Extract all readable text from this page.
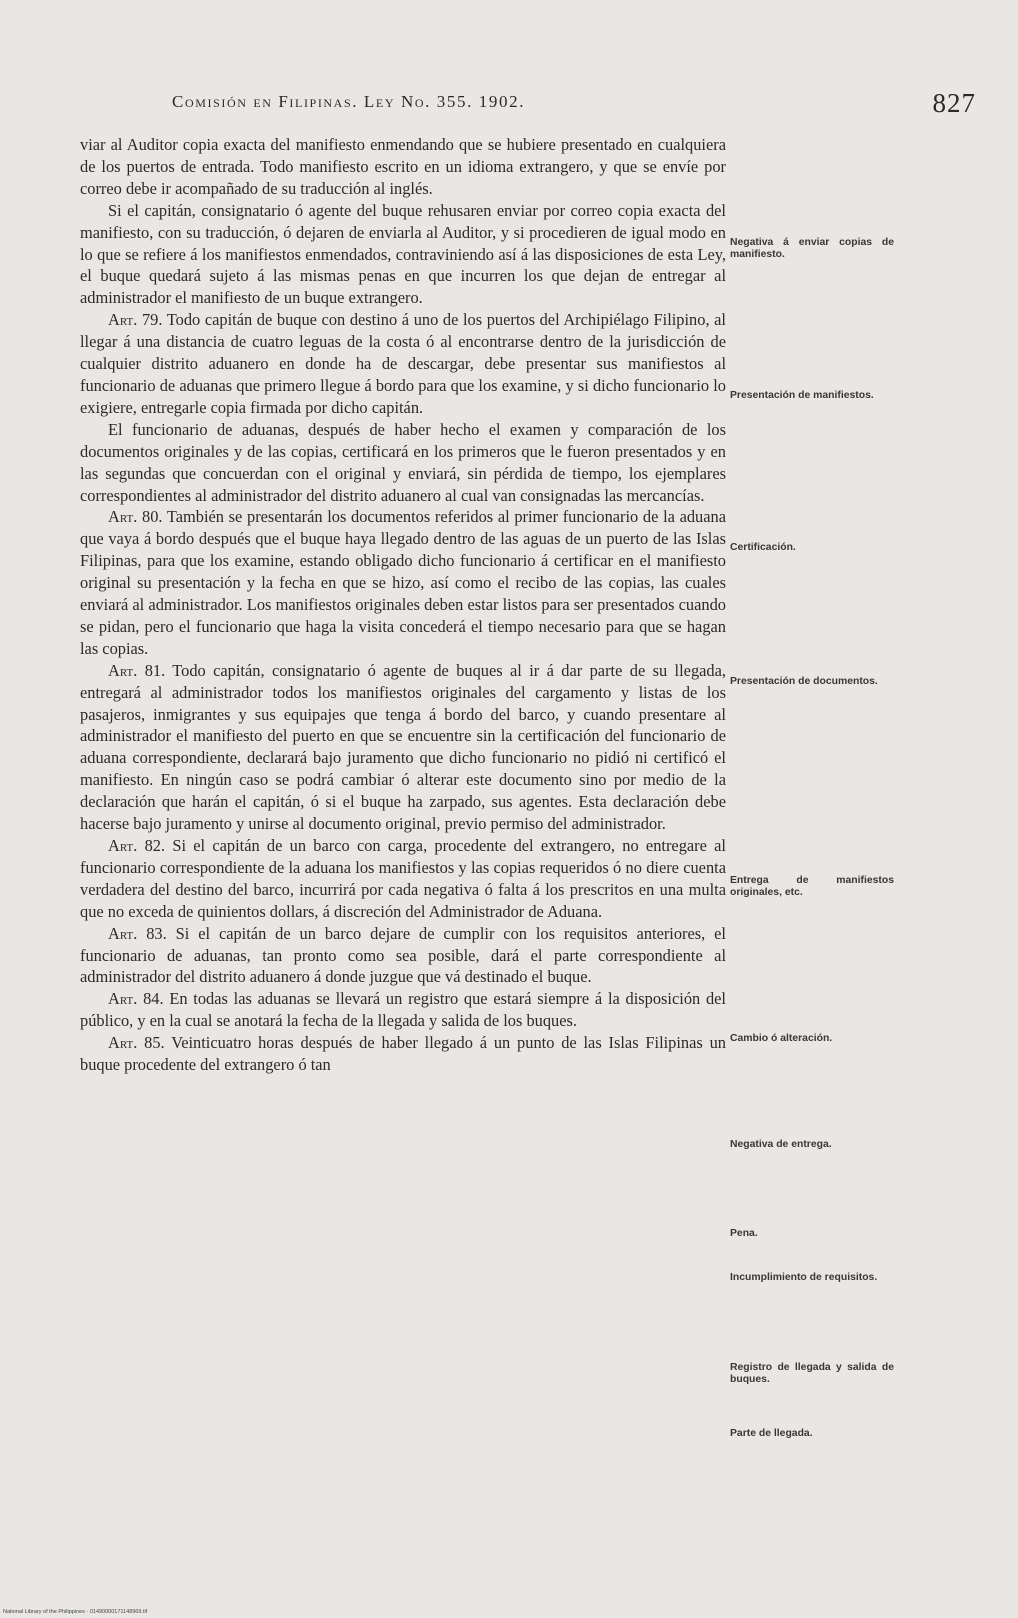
Comisión en Filipinas. Ley No. 355. 1902.	827

viar al Auditor copia exacta del manifiesto enmendando que se hubiere presentado en cualquiera de los puertos de entrada. Todo manifiesto escrito en un idioma extrangero, y que se envíe por correo debe ir acompañado de su traducción al inglés.

Si el capitán, consignatario ó agente del buque rehusaren enviar por correo copia exacta del manifiesto, con su traducción, ó dejaren de enviarla al Auditor, y si procedieren de igual modo en lo que se refiere á los manifiestos enmendados, contraviniendo así á las disposiciones de esta Ley, el buque quedará sujeto á las mismas penas en que incurren los que dejan de entregar al administrador el manifiesto de un buque extrangero.

Art. 79. Todo capitán de buque con destino á uno de los puertos del Archipiélago Filipino, al llegar á una distancia de cuatro leguas de la costa ó al encontrarse dentro de la jurisdicción de cualquier distrito aduanero en donde ha de descargar, debe presentar sus manifiestos al funcionario de aduanas que primero llegue á bordo para que los examine, y si dicho funcionario lo exigiere, entregarle copia firmada por dicho capitán.

El funcionario de aduanas, después de haber hecho el examen y comparación de los documentos originales y de las copias, certificará en los primeros que le fueron presentados y en las segundas que concuerdan con el original y enviará, sin pérdida de tiempo, los ejemplares correspondientes al administrador del distrito aduanero al cual van consignadas las mercancías.

Art. 80. También se presentarán los documentos referidos al primer funcionario de la aduana que vaya á bordo después que el buque haya llegado dentro de las aguas de un puerto de las Islas Filipinas, para que los examine, estando obligado dicho funcionario á certificar en el manifiesto original su presentación y la fecha en que se hizo, así como el recibo de las copias, las cuales enviará al administrador. Los manifiestos originales deben estar listos para ser presentados cuando se pidan, pero el funcionario que haga la visita concederá el tiempo necesario para que se hagan las copias.

Art. 81. Todo capitán, consignatario ó agente de buques al ir á dar parte de su llegada, entregará al administrador todos los manifiestos originales del cargamento y listas de los pasajeros, inmigrantes y sus equipajes que tenga á bordo del barco, y cuando presentare al administrador el manifiesto del puerto en que se encuentre sin la certificación del funcionario de aduana correspondiente, declarará bajo juramento que dicho funcionario no pidió ni certificó el manifiesto. En ningún caso se podrá cambiar ó alterar este documento sino por medio de la declaración que harán el capitán, ó si el buque ha zarpado, sus agentes. Esta declaración debe hacerse bajo juramento y unirse al documento original, previo permiso del administrador.

Art. 82. Si el capitán de un barco con carga, procedente del extrangero, no entregare al funcionario correspondiente de la aduana los manifiestos y las copias requeridos ó no diere cuenta verdadera del destino del barco, incurrirá por cada negativa ó falta á los prescritos en una multa que no exceda de quinientos dollars, á discreción del Administrador de Aduana.

Art. 83. Si el capitán de un barco dejare de cumplir con los requisitos anteriores, el funcionario de aduanas, tan pronto como sea posible, dará el parte correspondiente al administrador del distrito aduanero á donde juzgue que vá destinado el buque.

Art. 84. En todas las aduanas se llevará un registro que estará siempre á la disposición del público, y en la cual se anotará la fecha de la llegada y salida de los buques.

Art. 85. Veinticuatro horas después de haber llegado á un punto de las Islas Filipinas un buque procedente del extrangero ó tan

Negativa á enviar copias de manifiesto.
Presentación de manifiestos.
Certificación.
Presentación de documentos.
Entrega de manifiestos originales, etc.
Cambio ó alteración.
Negativa de entrega.
Pena.
Incumplimiento de requisitos.
Registro de llegada y salida de buques.
Parte de llegada.
National Library of the Philippines · 01490000171148969.tif
